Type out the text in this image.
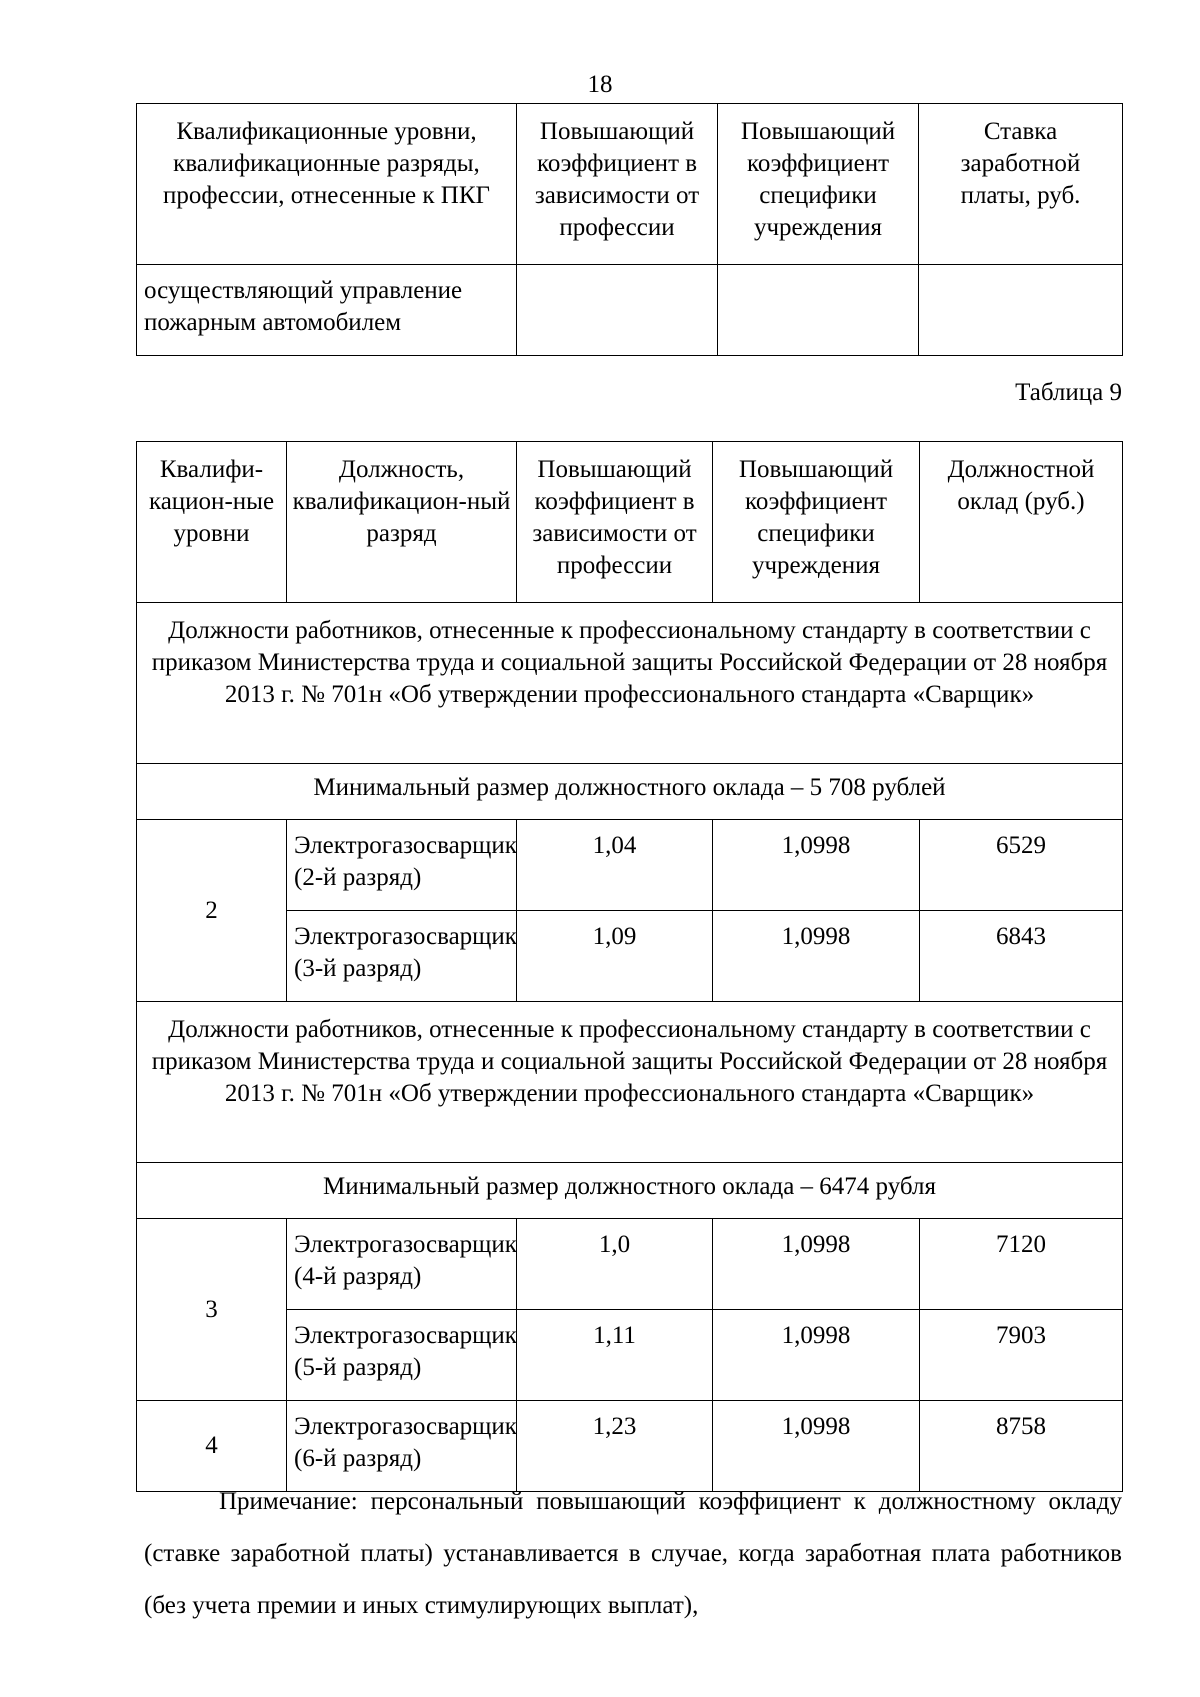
18
Квалификационные уровни, квалификационные разряды, профессии, отнесенные к ПКГ	Повышающий коэффициент в зависимости от профессии	Повышающий коэффициент специфики учреждения	Ставка заработной платы, руб.
осуществляющий управление пожарным автомобилем			
Таблица 9
Квалифи-кацион-ные уровни	Должность, квалификацион-ный разряд	Повышающий коэффициент в зависимости от профессии	Повышающий коэффициент специфики учреждения	Должностной оклад (руб.)
Должности работников, отнесенные к профессиональному стандарту в соответствии с приказом Министерства труда и социальной защиты Российской Федерации от 28 ноября 2013 г. № 701н «Об утверждении профессионального стандарта «Сварщик»				
Минимальный размер должностного оклада – 5 708 рублей				
2	Электрогазосварщик (2-й разряд)	1,04	1,0998	6529
	Электрогазосварщик (3-й разряд)	1,09	1,0998	6843
Должности работников, отнесенные к профессиональному стандарту в соответствии с приказом Министерства труда и социальной защиты Российской Федерации от 28 ноября 2013 г. № 701н «Об утверждении профессионального стандарта «Сварщик»				
Минимальный размер должностного оклада – 6474 рубля				
3	Электрогазосварщик (4-й разряд)	1,0	1,0998	7120
	Электрогазосварщик (5-й разряд)	1,11	1,0998	7903
4	Электрогазосварщик (6-й разряд)	1,23	1,0998	8758

Примечание: персональный повышающий коэффициент к должностному окладу (ставке заработной платы) устанавливается в случае, когда заработная плата работников (без учета премии и иных стимулирующих выплат),
